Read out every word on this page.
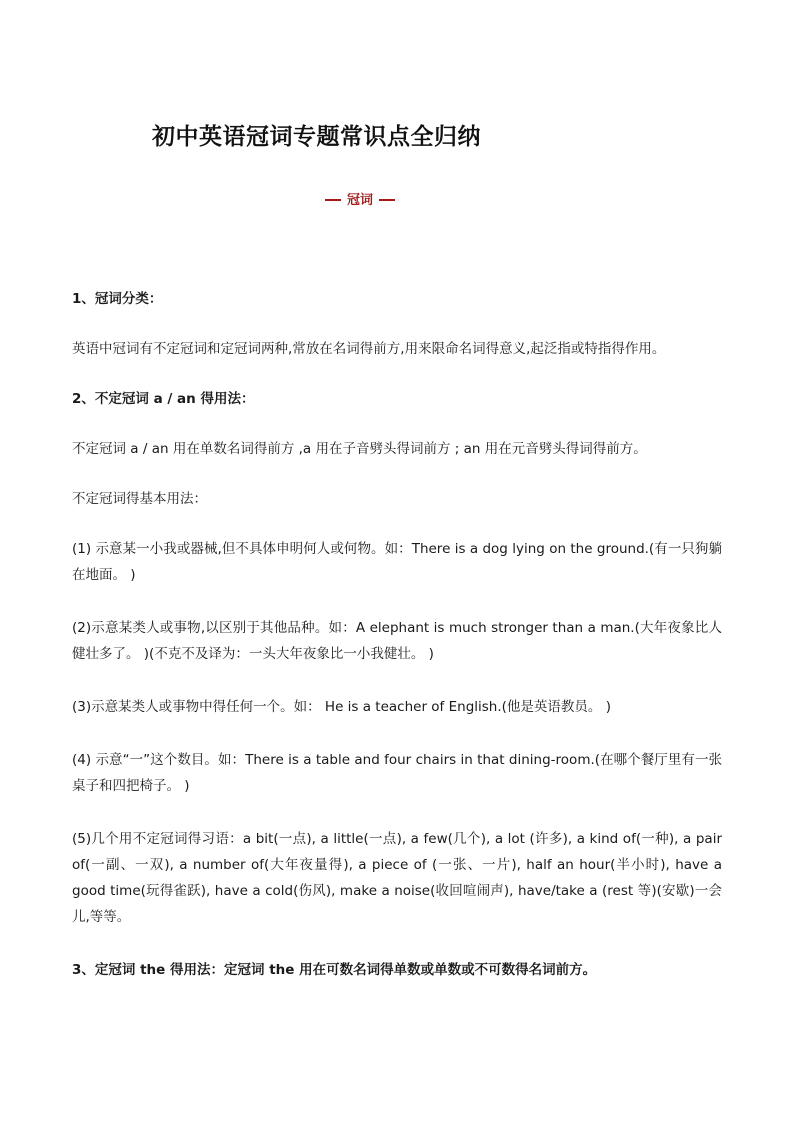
初中英语冠词专题常识点全归纳
冠词

1、冠词分类：

英语中冠词有不定冠词和定冠词两种,常放在名词得前方,用来限命名词得意义,起泛指或特指得作用。

2、不定冠词 a / an 得用法：

不定冠词 a / an 用在单数名词得前方 ,a 用在子音劈头得词前方 ; an 用在元音劈头得词得前方。

不定冠词得基本用法：

(1) 示意某一小我或器械,但不具体申明何人或何物。如：There is a dog lying on the ground.(有一只狗躺在地面。 )

(2)示意某类人或事物,以区别于其他品种。如：A elephant is much stronger than a man.(大年夜象比人健壮多了。 )(不克不及译为：一头大年夜象比一小我健壮。 )

(3)示意某类人或事物中得任何一个。如： He is a teacher of English.(他是英语教员。 )

(4) 示意“一”这个数目。如：There is a table and four chairs in that dining-room.(在哪个餐厅里有一张桌子和四把椅子。 )

(5)几个用不定冠词得习语：a bit(一点), a little(一点), a few(几个), a lot (许多), a kind of(一种), a pair of(一副、一双), a number of(大年夜量得), a piece of (一张、一片), half an hour(半小时), have a good time(玩得雀跃), have a cold(伤风), make a noise(收回喧闹声), have/take a (rest 等)(安歇)一会儿,等等。

3、定冠词 the 得用法：定冠词 the 用在可数名词得单数或单数或不可数得名词前方。
